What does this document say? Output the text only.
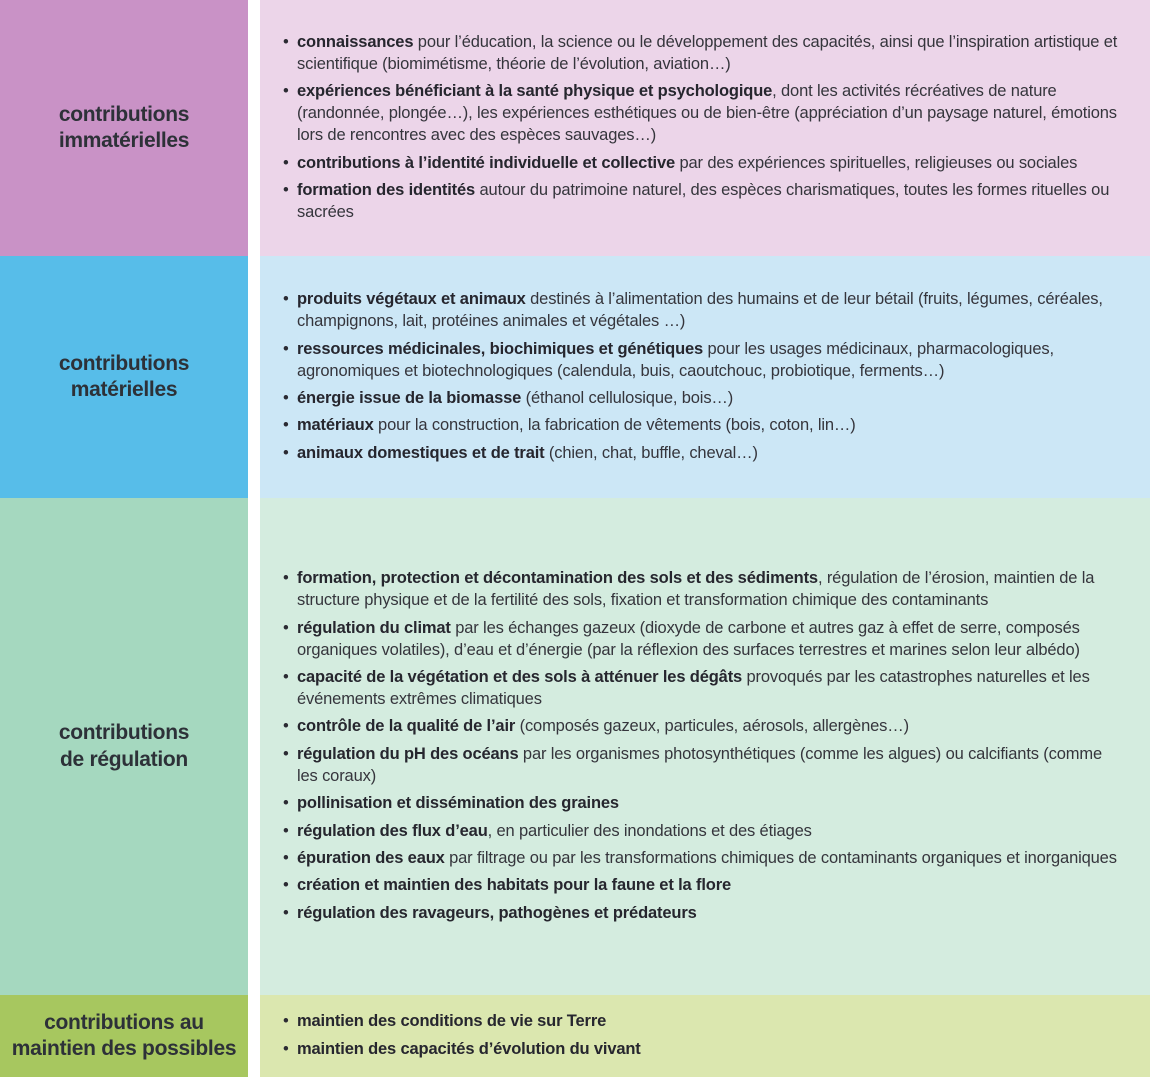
contributions
immatérielles
• connaissances pour l’éducation, la science ou le développement des capacités, ainsi que l’inspiration artistique et scientifique (biomimétisme, théorie de l’évolution, aviation…)
• expériences bénéficiant à la santé physique et psychologique, dont les activités récréatives de nature (randonnée, plongée…), les expériences esthétiques ou de bien-être (appréciation d’un paysage naturel, émotions lors de rencontres avec des espèces sauvages…)
• contributions à l’identité individuelle et collective par des expériences spirituelles, religieuses ou sociales
• formation des identités autour du patrimoine naturel, des espèces charismatiques, toutes les formes rituelles ou sacrées
contributions
matérielles
• produits végétaux et animaux destinés à l’alimentation des humains et de leur bétail (fruits, légumes, céréales, champignons, lait, protéines animales et végétales …)
• ressources médicinales, biochimiques et génétiques pour les usages médicinaux, pharmacologiques, agronomiques et biotechnologiques (calendula, buis, caoutchouc, probiotique, ferments…)
• énergie issue de la biomasse (éthanol cellulosique, bois…)
• matériaux pour la construction, la fabrication de vêtements (bois, coton, lin…)
• animaux domestiques et de trait (chien, chat, buffle, cheval…)
contributions
de régulation
• formation, protection et décontamination des sols et des sédiments, régulation de l’érosion, maintien de la structure physique et de la fertilité des sols, fixation et transformation chimique des contaminants
• régulation du climat par les échanges gazeux (dioxyde de carbone et autres gaz à effet de serre, composés organiques volatiles), d’eau et d’énergie (par la réflexion des surfaces terrestres et marines selon leur albédo)
• capacité de la végétation et des sols à atténuer les dégâts provoqués par les catastrophes naturelles et les événements extrêmes climatiques
• contrôle de la qualité de l’air (composés gazeux, particules, aérosols, allergènes…)
• régulation du pH des océans par les organismes photosynthétiques (comme les algues) ou calcifiants (comme les coraux)
• pollinisation et dissémination des graines
• régulation des flux d’eau, en particulier des inondations et des étiages
• épuration des eaux par filtrage ou par les transformations chimiques de contaminants organiques et inorganiques
• création et maintien des habitats pour la faune et la flore
• régulation des ravageurs, pathogènes et prédateurs
contributions au
maintien des possibles
• maintien des conditions de vie sur Terre
• maintien des capacités d’évolution du vivant
